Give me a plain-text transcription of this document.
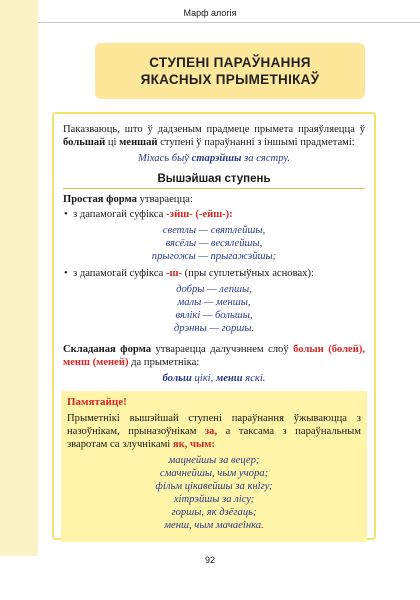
Марф алогія
СТУПЕНІ ПАРАЎНАННЯ
ЯКАСНЫХ ПРЫМЕТНІКАЎ
Паказваюць, што ў дадзеным прадмеце прымета праяўляецца ў большай ці меншай ступені ў параўнанні з іншымі прадметамі:
Міхась быў старэйшы за сястру.
Вышэйшая ступень
Простая форма утвараецца:
• з дапамогай суфікса -эйш- (-ейш-):
светлы — святлейшы,
вясёлы — весялейшы,
прыгожы — прыгажэйшы;
• з дапамогай суфікса -ш- (пры суплетыўных асновах):
добры — лепшы,
малы — меншы,
вялікі — большы,
дрэнны — горшы.
Складаная форма утвараецца далучэннем слоў болын (болей), менш (меней) да прыметніка:
больш цікі, менш яскі.
Памятайце!
Прыметнікі вышэйшай ступені параўнання ўжываюцца з назоўнікам, прыназоўнікам за, а таксама з параўнальным зваротам са злучнікамі як, чым:
мацнейшы за вецер;
смачнейшы, чым учора;
фільм цікавейшы за кнігу;
хітрэйшы за лісу;
горшы, як дзёгаць;
менш, чым мачаеінка.
92
